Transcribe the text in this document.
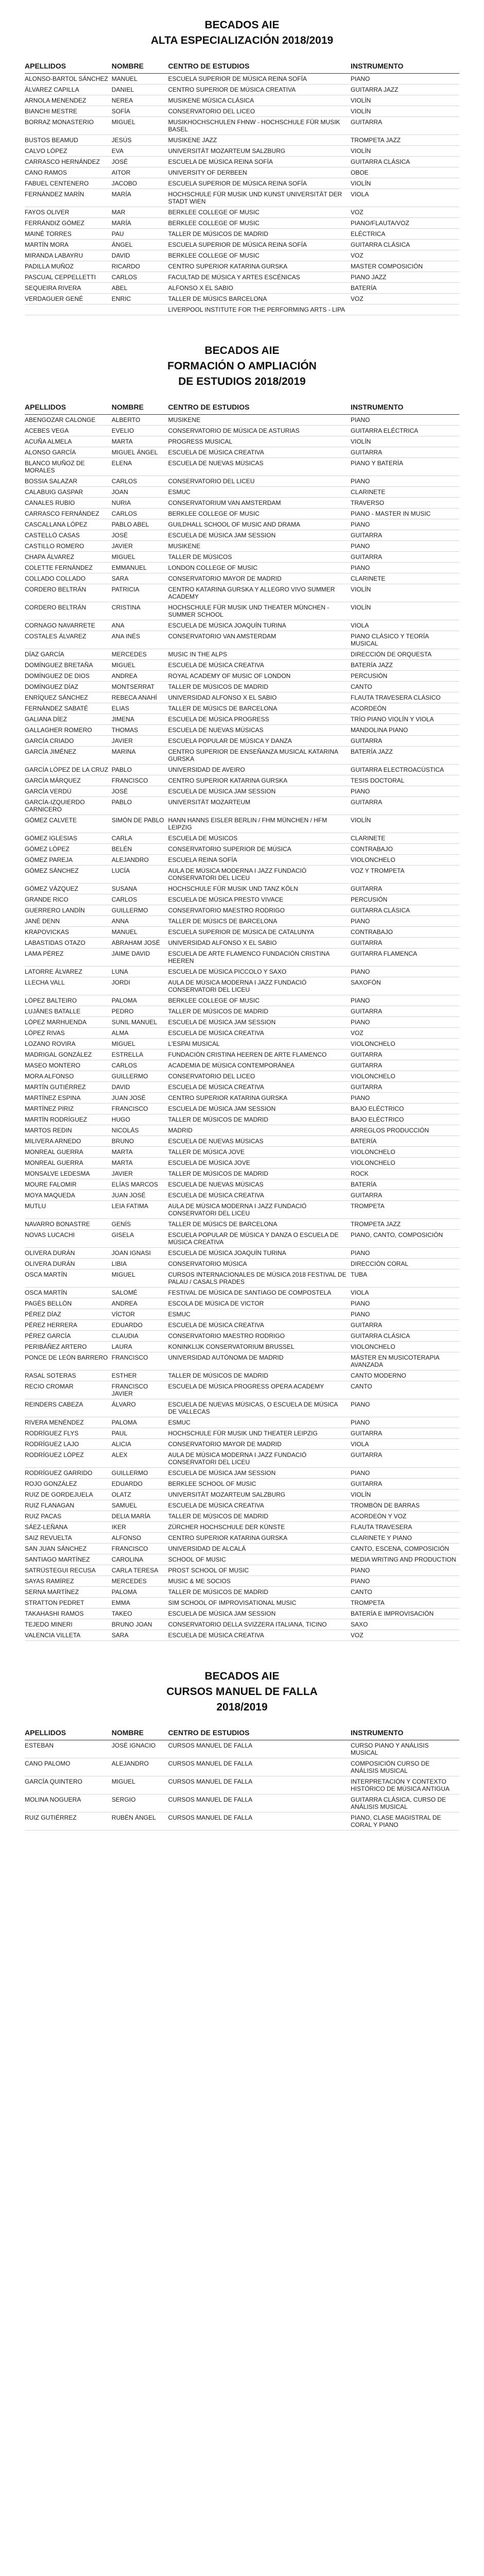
BECADOS AIE
ALTA ESPECIALIZACIÓN 2018/2019
APELLIDOS	NOMBRE	CENTRO DE ESTUDIOS	INSTRUMENTO
ALONSO-BARTOL SÁNCHEZ	MANUEL	ESCUELA SUPERIOR DE MÚSICA REINA SOFÍA	PIANO
ÁLVAREZ CAPILLA	DANIEL	CENTRO SUPERIOR DE MÚSICA CREATIVA	GUITARRA JAZZ
ARNOLA MENENDEZ	NEREA	MUSIKENE MÚSICA CLÁSICA	VIOLÍN
BIANCHI MESTRE	SOFÍA	CONSERVATORIO DEL LICEO	VIOLÍN
BORRAZ MONASTERIO	MIGUEL	MUSIKHOCHSCHULEN FHNW - HOCHSCHULE FÜR MUSIK BASEL	GUITARRA
BUSTOS BEAMUD	JESÚS	MUSIKENE JAZZ	TROMPETA JAZZ
CALVO LÓPEZ	EVA	UNIVERSITÄT MOZARTEUM SALZBURG	VIOLÍN
CARRASCO HERNÁNDEZ	JOSÉ	ESCUELA DE MÚSICA REINA SOFÍA	GUITARRA CLÁSICA
CANO RAMOS	AITOR	UNIVERSITY OF DERBEEN	OBOE
FABUEL CENTENERO	JACOBO	ESCUELA SUPERIOR DE MÚSICA REINA SOFÍA	VIOLÍN
FERNÁNDEZ MARÍN	MARÍA	HOCHSCHULE FÜR MUSIK UND KUNST UNIVERSITÄT DER STADT WIEN	VIOLA
FAYOS OLIVER	MAR	BERKLEE COLLEGE OF MUSIC	VOZ
FERRÁNDIZ GÓMEZ	MARÍA	BERKLEE COLLEGE OF MUSIC	PIANO/FLAUTA/VOZ
MAINÉ TORRES	PAU	TALLER DE MÚSICOS DE MADRID	ELÉCTRICA
MARTÍN MORA	ÁNGEL	ESCUELA SUPERIOR DE MÚSICA REINA SOFÍA	GUITARRA CLÁSICA
MIRANDA LABAYRU	DAVID	BERKLEE COLLEGE OF MUSIC	VOZ
PADILLA MUÑOZ	RICARDO	CENTRO SUPERIOR KATARINA GURSKA	MASTER COMPOSICIÓN
PASCUAL CEPPELLETTI	CARLOS	FACULTAD DE MÚSICA Y ARTES ESCÉNICAS	PIANO JAZZ
SEQUEIRA RIVERA	ABEL	ALFONSO X EL SABIO	BATERÍA
VERDAGUER GENÉ	ENRIC	TALLER DE MÚSICS BARCELONA	VOZ
		LIVERPOOL INSTITUTE FOR THE PERFORMING ARTS - LIPA	
BECADOS AIE
FORMACIÓN O AMPLIACIÓN
DE ESTUDIOS 2018/2019
APELLIDOS	NOMBRE	CENTRO DE ESTUDIOS	INSTRUMENTO
ABENGOZAR CALONGE	ALBERTO	MUSIKENE	PIANO
ACEBES VEGA	EVELIO	CONSERVATORIO DE MÚSICA DE ASTURIAS	GUITARRA ELÉCTRICA
ACUÑA ALMELA	MARTA	PROGRESS MUSICAL	VIOLÍN
ALONSO GARCÍA	MIGUEL ÁNGEL	ESCUELA DE MÚSICA CREATIVA	GUITARRA
BLANCO MUÑOZ DE MORALES	ELENA	ESCUELA DE NUEVAS MÚSICAS	PIANO Y BATERÍA
BOSSIA SALAZAR	CARLOS	CONSERVATORIO DEL LICEU	PIANO
CALABUIG GASPAR	JOAN	ESMUC	CLARINETE
CANALES RUBIO	NURIA	CONSERVATORIUM VAN AMSTERDAM	TRAVERSO
CARRASCO FERNÁNDEZ	CARLOS	BERKLEE COLLEGE OF MUSIC	PIANO - MASTER IN MUSIC
CASCALLANA LÓPEZ	PABLO ABEL	GUILDHALL SCHOOL OF MUSIC AND DRAMA	PIANO
CASTELLÓ CASAS	JOSÉ	ESCUELA DE MÚSICA JAM SESSION	GUITARRA
CASTILLO ROMERO	JAVIER	MUSIKENE	PIANO
CHAPA ÁLVAREZ	MIGUEL	TALLER DE MÚSICOS	GUITARRA
COLETTE FERNÁNDEZ	EMMANUEL	LONDON COLLEGE OF MUSIC	PIANO
COLLADO COLLADO	SARA	CONSERVATORIO MAYOR DE MADRID	CLARINETE
CORDERO BELTRÁN	PATRICIA	CENTRO KATARINA GURSKA Y ALLEGRO VIVO SUMMER ACADEMY	VIOLÍN
CORDERO BELTRÁN	CRISTINA	HOCHSCHULE FÜR MUSIK UND THEATER MÜNCHEN - SUMMER SCHOOL	VIOLÍN
CORNAGO NAVARRETE	ANA	ESCUELA DE MÚSICA JOAQUÍN TURINA	VIOLA
COSTALES ÁLVAREZ	ANA INÉS	CONSERVATORIO VAN AMSTERDAM	PIANO CLÁSICO Y TEORÍA MUSICAL
DÍAZ GARCÍA	MERCEDES	MUSIC IN THE ALPS	DIRECCIÓN DE ORQUESTA
DOMÍNGUEZ BRETAÑA	MIGUEL	ESCUELA DE MÚSICA CREATIVA	BATERÍA JAZZ
DOMÍNGUEZ DE DIOS	ANDREA	ROYAL ACADEMY OF MUSIC OF LONDON	PERCUSIÓN
DOMÍNGUEZ DÍAZ	MONTSERRAT	TALLER DE MÚSICOS DE MADRID	CANTO
ENRÍQUEZ SÁNCHEZ	REBECA ANAHÍ	UNIVERSIDAD ALFONSO X EL SABIO	FLAUTA TRAVESERA CLÁSICO
FERNÁNDEZ SABATÉ	ELIAS	TALLER DE MÚSICS DE BARCELONA	ACORDEÓN
GALIANA DÍEZ	JIMENA	ESCUELA DE MÚSICA PROGRESS	TRÍO PIANO VIOLÍN Y VIOLA
GALLAGHER ROMERO	THOMAS	ESCUELA DE NUEVAS MÚSICAS	MANDOLINA PIANO
GARCÍA CRIADO	JAVIER	ESCUELA POPULAR DE MÚSICA Y DANZA	GUITARRA
GARCÍA JIMÉNEZ	MARINA	CENTRO SUPERIOR DE ENSEÑANZA MUSICAL KATARINA GURSKA	BATERÍA JAZZ
GARCÍA LÓPEZ DE LA CRUZ	PABLO	UNIVERSIDAD DE AVEIRO	GUITARRA ELECTROACÚSTICA
GARCÍA MÁRQUEZ	FRANCISCO	CENTRO SUPERIOR KATARINA GURSKA	TESIS DOCTORAL
GARCÍA VERDÚ	JOSÉ	ESCUELA DE MÚSICA JAM SESSION	PIANO
GARCÍA-IZQUIERDO CARNICERO	PABLO	UNIVERSITÄT MOZARTEUM	GUITARRA
GÓMEZ CALVETE	SIMÓN DE PABLO	HANN HANNS EISLER BERLIN / FHM MÜNCHEN / HFM LEIPZIG	VIOLÍN
GÓMEZ IGLESIAS	CARLA	ESCUELA DE MÚSICOS	CLARINETE
GÓMEZ LÓPEZ	BELÉN	CONSERVATORIO SUPERIOR DE MÚSICA	CONTRABAJO
GÓMEZ PAREJA	ALEJANDRO	ESCUELA REINA SOFÍA	VIOLONCHELO
GÓMEZ SÁNCHEZ	LUCÍA	AULA DE MÚSICA MODERNA I JAZZ FUNDACIÓ CONSERVATORI DEL LICEU	VOZ Y TROMPETA
GÓMEZ VÁZQUEZ	SUSANA	HOCHSCHULE FÜR MUSIK UND TANZ KÖLN	GUITARRA
GRANDE RICO	CARLOS	ESCUELA DE MÚSICA PRESTO VIVACE	PERCUSIÓN
GUERRERO LANDÍN	GUILLERMO	CONSERVATORIO MAESTRO RODRIGO	GUITARRA CLÁSICA
JANÉ DENN	ANNA	TALLER DE MÚSICS DE BARCELONA	PIANO
KRAPOVICKAS	MANUEL	ESCUELA SUPERIOR DE MÚSICA DE CATALUNYA	CONTRABAJO
LABASTIDAS OTAZO	ABRAHAM JOSÉ	UNIVERSIDAD ALFONSO X EL SABIO	GUITARRA
LAMA PÉREZ	JAIME DAVID	ESCUELA DE ARTE FLAMENCO FUNDACIÓN CRISTINA HEEREN	GUITARRA FLAMENCA
LATORRE ÁLVAREZ	LUNA	ESCUELA DE MÚSICA PICCOLO Y SAXO	PIANO
LLECHA VALL	JORDI	AULA DE MÚSICA MODERNA I JAZZ FUNDACIÓ CONSERVATORI DEL LICEU	SAXOFÓN
LÓPEZ BALTEIRO	PALOMA	BERKLEE COLLEGE OF MUSIC	PIANO
LUJÁNES BATALLE	PEDRO	TALLER DE MÚSICOS DE MADRID	GUITARRA
LÓPEZ MARHUENDA	SUNIL MANUEL	ESCUELA DE MÚSICA JAM SESSION	PIANO
LÓPEZ RIVAS	ALMA	ESCUELA DE MÚSICA CREATIVA	VOZ
LOZANO ROVIRA	MIGUEL	L'ESPAI MUSICAL	VIOLONCHELO
MADRIGAL GONZÁLEZ	ESTRELLA	FUNDACIÓN CRISTINA HEEREN DE ARTE FLAMENCO	GUITARRA
MASEO MONTERO	CARLOS	ACADEMIA DE MÚSICA CONTEMPORÁNEA	GUITARRA
MORA ALFONSO	GUILLERMO	CONSERVATORIO DEL LICEO	VIOLONCHELO
MARTÍN GUTIÉRREZ	DAVID	ESCUELA DE MÚSICA CREATIVA	GUITARRA
MARTÍNEZ ESPINA	JUAN JOSÉ	CENTRO SUPERIOR KATARINA GURSKA	PIANO
MARTÍNEZ PIRIZ	FRANCISCO	ESCUELA DE MÚSICA JAM SESSION	BAJO ELÉCTRICO
MARTÍN RODRÍGUEZ	HUGO	TALLER DE MÚSICOS DE MADRID	BAJO ELÉCTRICO
MARTOS REDIN	NICOLÁS	MADRID	ARREGLOS PRODUCCIÓN
MILIVERA ARNEDO	BRUNO	ESCUELA DE NUEVAS MÚSICAS	BATERÍA
MONREAL GUERRA	MARTA	TALLER DE MÚSICA JOVE	VIOLONCHELO
MONREAL GUERRA	MARTA	ESCUELA DE MÚSICA JOVE	VIOLONCHELO
MONSALVE LEDESMA	JAVIER	TALLER DE MÚSICOS DE MADRID	ROCK
MOURE FALOMIR	ELÍAS MARCOS	ESCUELA DE NUEVAS MÚSICAS	BATERÍA
MOYA MAQUEDA	JUAN JOSÉ	ESCUELA DE MÚSICA CREATIVA	GUITARRA
MUTLU	LEIA FATIMA	AULA DE MÚSICA MODERNA I JAZZ FUNDACIÓ CONSERVATORI DEL LICEU	TROMPETA
NAVARRO BONASTRE	GENÍS	TALLER DE MÚSICS DE BARCELONA	TROMPETA JAZZ
NOVAS LUCACHI	GISELA	ESCUELA POPULAR DE MÚSICA Y DANZA O ESCUELA DE MÚSICA CREATIVA	PIANO, CANTO, COMPOSICIÓN
OLIVERA DURÁN	JOAN IGNASI	ESCUELA DE MÚSICA JOAQUÍN TURINA	PIANO
OLIVERA DURÁN	LIBIA	CONSERVATORIO MÚSICA	DIRECCIÓN CORAL
OSCA MARTÍN	MIGUEL	CURSOS INTERNACIONALES DE MÚSICA 2018 FESTIVAL DE PALAU / CASALS PRADES	TUBA
OSCA MARTÍN	SALOMÉ	FESTIVAL DE MÚSICA DE SANTIAGO DE COMPOSTELA	VIOLA
PAGÈS BELLÓN	ANDREA	ESCOLA DE MÚSICA DE VICTOR	PIANO
PÉREZ DÍAZ	VÍCTOR	ESMUC	PIANO
PÉREZ HERRERA	EDUARDO	ESCUELA DE MÚSICA CREATIVA	GUITARRA
PÉREZ GARCÍA	CLAUDIA	CONSERVATORIO MAESTRO RODRIGO	GUITARRA CLÁSICA
PERIBÁÑEZ ARTERO	LAURA	KONINKLIJK CONSERVATORIUM BRUSSEL	VIOLONCHELO
PONCE DE LEÓN BARRERO	FRANCISCO	UNIVERSIDAD AUTÓNOMA DE MADRID	MÁSTER EN MUSICOTERAPIA AVANZADA
RASAL SOTERAS	ESTHER	TALLER DE MÚSICOS DE MADRID	CANTO MODERNO
RECIO CROMAR	FRANCISCO JAVIER	ESCUELA DE MÚSICA PROGRESS OPERA ACADEMY	CANTO
REINDERS CABEZA	ÁLVARO	ESCUELA DE NUEVAS MÚSICAS, O ESCUELA DE MÚSICA DE VALLECAS	PIANO
RIVERA MENÉNDEZ	PALOMA	ESMUC	PIANO
RODRÍGUEZ FLYS	PAUL	HOCHSCHULE FÜR MUSIK UND THEATER LEIPZIG	GUITARRA
RODRÍGUEZ LAJO	ALICIA	CONSERVATORIO MAYOR DE MADRID	VIOLA
RODRÍGUEZ LÓPEZ	ALEX	AULA DE MÚSICA MODERNA I JAZZ FUNDACIÓ CONSERVATORI DEL LICEU	GUITARRA
RODRÍGUEZ GARRIDO	GUILLERMO	ESCUELA DE MÚSICA JAM SESSION	PIANO
ROJO GONZÁLEZ	EDUARDO	BERKLEE SCHOOL OF MUSIC	GUITARRA
RUIZ DE GORDEJUELA	OLATZ	UNIVERSITÄT MOZARTEUM SALZBURG	VIOLÍN
RUIZ FLANAGAN	SAMUEL	ESCUELA DE MÚSICA CREATIVA	TROMBÓN DE BARRAS
RUIZ PACAS	DELIA MARÍA	TALLER DE MÚSICOS DE MADRID	ACORDEÓN Y VOZ
SÁEZ-LEÑANA	IKER	ZÜRCHER HOCHSCHULE DER KÜNSTE	FLAUTA TRAVESERA
SAIZ REVUELTA	ALFONSO	CENTRO SUPERIOR KATARINA GURSKA	CLARINETE Y PIANO
SAN JUAN SÁNCHEZ	FRANCISCO	UNIVERSIDAD DE ALCALÁ	CANTO, ESCENA, COMPOSICIÓN
SANTIAGO MARTÍNEZ	CAROLINA	SCHOOL OF MUSIC	MEDIA WRITING AND PRODUCTION
SATRÚSTEGUI RECUSA	CARLA TERESA	PROST SCHOOL OF MUSIC	PIANO
SAYAS RAMÍREZ	MERCEDES	MUSIC & ME SOCIOS	PIANO
SERNA MARTÍNEZ	PALOMA	TALLER DE MÚSICOS DE MADRID	CANTO
STRATTON PEDRET	EMMA	SIM SCHOOL OF IMPROVISATIONAL MUSIC	TROMPETA
TAKAHASHI RAMOS	TAKEO	ESCUELA DE MÚSICA JAM SESSION	BATERÍA E IMPROVISACIÓN
TEJEDO MINERI	BRUNO JOAN	CONSERVATORIO DELLA SVIZZERA ITALIANA, TICINO	SAXO
VALENCIA VILLETA	SARA	ESCUELA DE MÚSICA CREATIVA	VOZ
BECADOS AIE
CURSOS MANUEL DE FALLA
2018/2019
APELLIDOS	NOMBRE	CENTRO DE ESTUDIOS	INSTRUMENTO
ESTEBAN	JOSÉ IGNACIO	CURSOS MANUEL DE FALLA	CURSO PIANO Y ANÁLISIS MUSICAL
CANO PALOMO	ALEJANDRO	CURSOS MANUEL DE FALLA	COMPOSICIÓN CURSO DE ANÁLISIS MUSICAL
GARCÍA QUINTERO	MIGUEL	CURSOS MANUEL DE FALLA	INTERPRETACIÓN Y CONTEXTO HISTÓRICO DE MÚSICA ANTIGUA
MOLINA NOGUERA	SERGIO	CURSOS MANUEL DE FALLA	GUITARRA CLÁSICA, CURSO DE ANÁLISIS MUSICAL
RUIZ GUTIÉRREZ	RUBÉN ÁNGEL	CURSOS MANUEL DE FALLA	PIANO, CLASE MAGISTRAL DE CORAL Y PIANO
